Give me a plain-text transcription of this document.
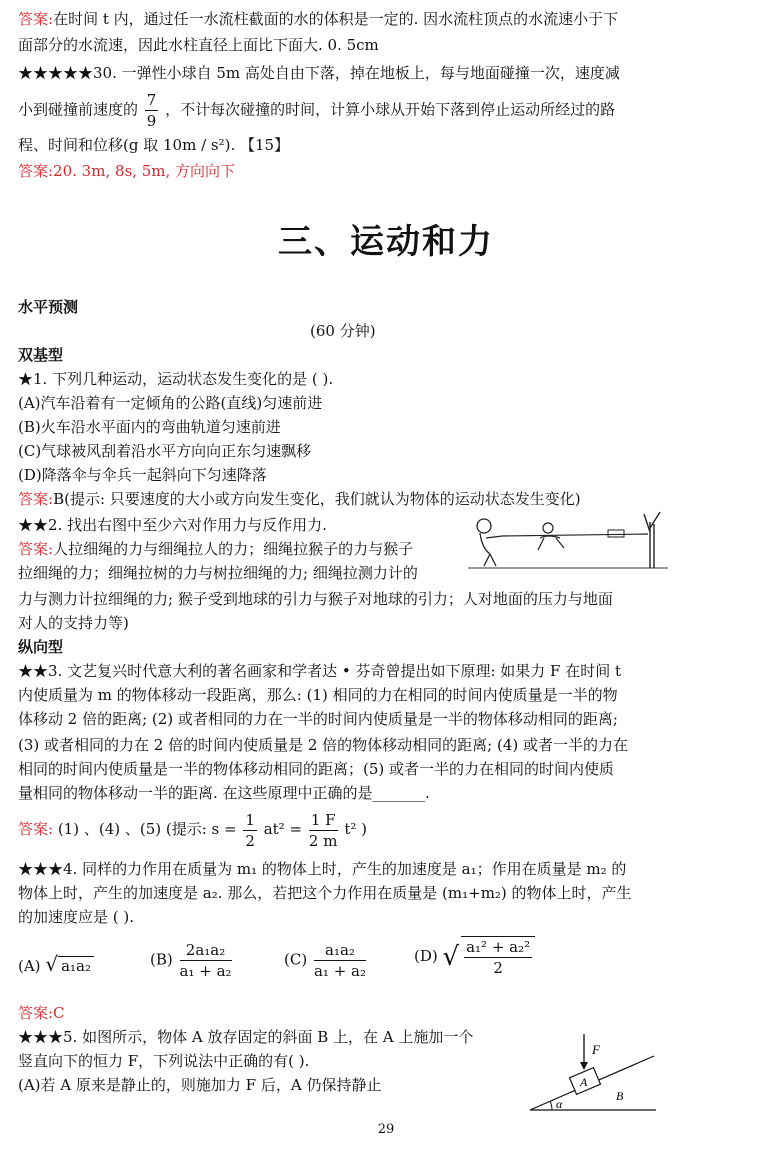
答案:在时间 t 内，通过任一水流柱截面的水的体积是一定的. 因水流柱顶点的水流速小于下
面部分的水流速，因此水柱直径上面比下面大. 0. 5cm
★★★★★30. 一弹性小球自 5m 高处自由下落，掉在地板上，每与地面碰撞一次，速度减
小到碰撞前速度的 $\frac{7}{9}$ ，不计每次碰撞的时间，计算小球从开始下落到停止运动所经过的路
程、时间和位移(g 取 10m / s²). 【15】
答案:20. 3m, 8s, 5m, 方向向下
三、运动和力
水平预测
(60 分钟)
双基型
★1. 下列几种运动，运动状态发生变化的是 ( ).
(A)汽车沿着有一定倾角的公路(直线)匀速前进
(B)火车沿水平面内的弯曲轨道匀速前进
(C)气球被风刮着沿水平方向向正东匀速飘移
(D)降落伞与伞兵一起斜向下匀速降落
答案:B(提示: 只要速度的大小或方向发生变化，我们就认为物体的运动状态发生变化)
★★2. 找出右图中至少六对作用力与反作用力.
答案:人拉细绳的力与细绳拉人的力；细绳拉猴子的力与猴子
拉细绳的力；细绳拉树的力与树拉细绳的力; 细绳拉测力计的
力与测力计拉细绳的力; 猴子受到地球的引力与猴子对地球的引力；人对地面的压力与地面
对人的支持力等)
纵向型
★★3. 文艺复兴时代意大利的著名画家和学者达 • 芬奇曾提出如下原理: 如果力 F 在时间 t
内使质量为 m 的物体移动一段距离，那么: (1) 相同的力在相同的时间内使质量是一半的物
体移动 2 倍的距离; (2) 或者相同的力在一半的时间内使质量是一半的物体移动相同的距离;
(3) 或者相同的力在 2 倍的时间内使质量是 2 倍的物体移动相同的距离; (4) 或者一半的力在
相同的时间内使质量是一半的物体移动相同的距离；(5) 或者一半的力在相同的时间内使质
量相同的物体移动一半的距离. 在这些原理中正确的是_______.
答案: (1) 、(4) 、(5) (提示: $s = \frac{1}{2} at^2 = \frac{1 F}{2 m} t^2$ )
★★★4. 同样的力作用在质量为 m₁ 的物体上时，产生的加速度是 a₁；作用在质量是 m₂ 的
物体上时，产生的加速度是 a₂. 那么，若把这个力作用在质量是 (m₁+m₂) 的物体上时，产生
的加速度应是 ( ).
(A) √ a₁a₂	$(B) \frac{\text{2a₁a₂}}{\text{a₁ + a₂}}$	$(C) \frac{\text{a₁a₂}}{\text{a₁ + a₂}}$	(D) √ $\frac{\text{a₁² + a₂²}}{2}$
答案:C
★★★5. 如图所示，物体 A 放存固定的斜面 B 上，在 A 上施加一个
竖直向下的恒力 F，下列说法中正确的有( ).
(A)若 A 原来是静止的，则施加力 F 后，A 仍保持静止
F
A
B
α
29
